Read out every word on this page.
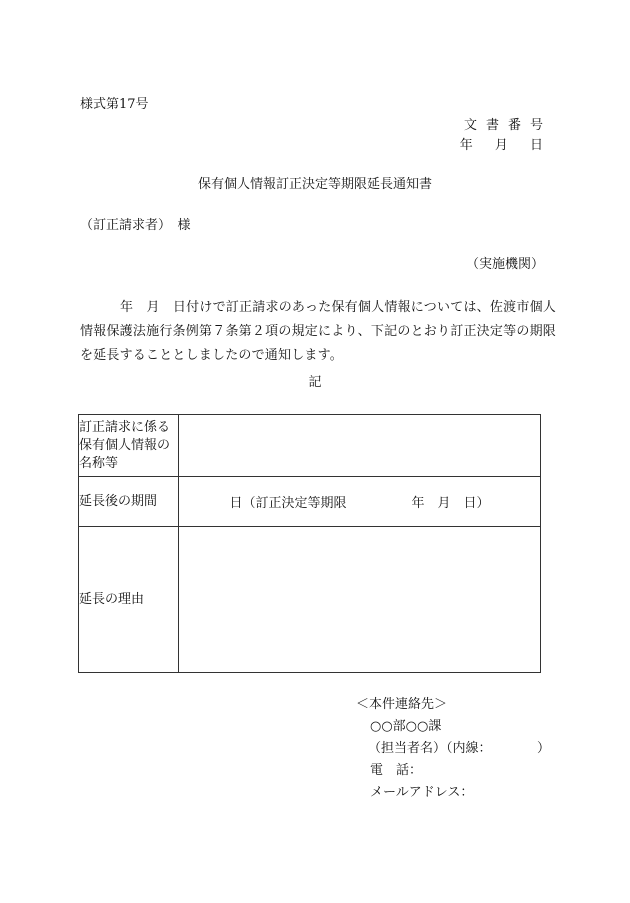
様式第17号
文書番号
年 月 日
保有個人情報訂正決定等期限延長通知書
（訂正請求者）　様
（実施機関）
年　月　日付けで訂正請求のあった保有個人情報については、佐渡市個人情報保護法施行条例第７条第２項の規定により、下記のとおり訂正決定等の期限を延長することとしましたので通知します。
記
訂正請求に係る保有個人情報の名称等	
延長後の期間	日（訂正決定等期限　　　　　年　月　日）
延長の理由	
＜本件連絡先＞
○○部○○課
（担当者名）（内線：　　　　）
電　話：
メールアドレス：
